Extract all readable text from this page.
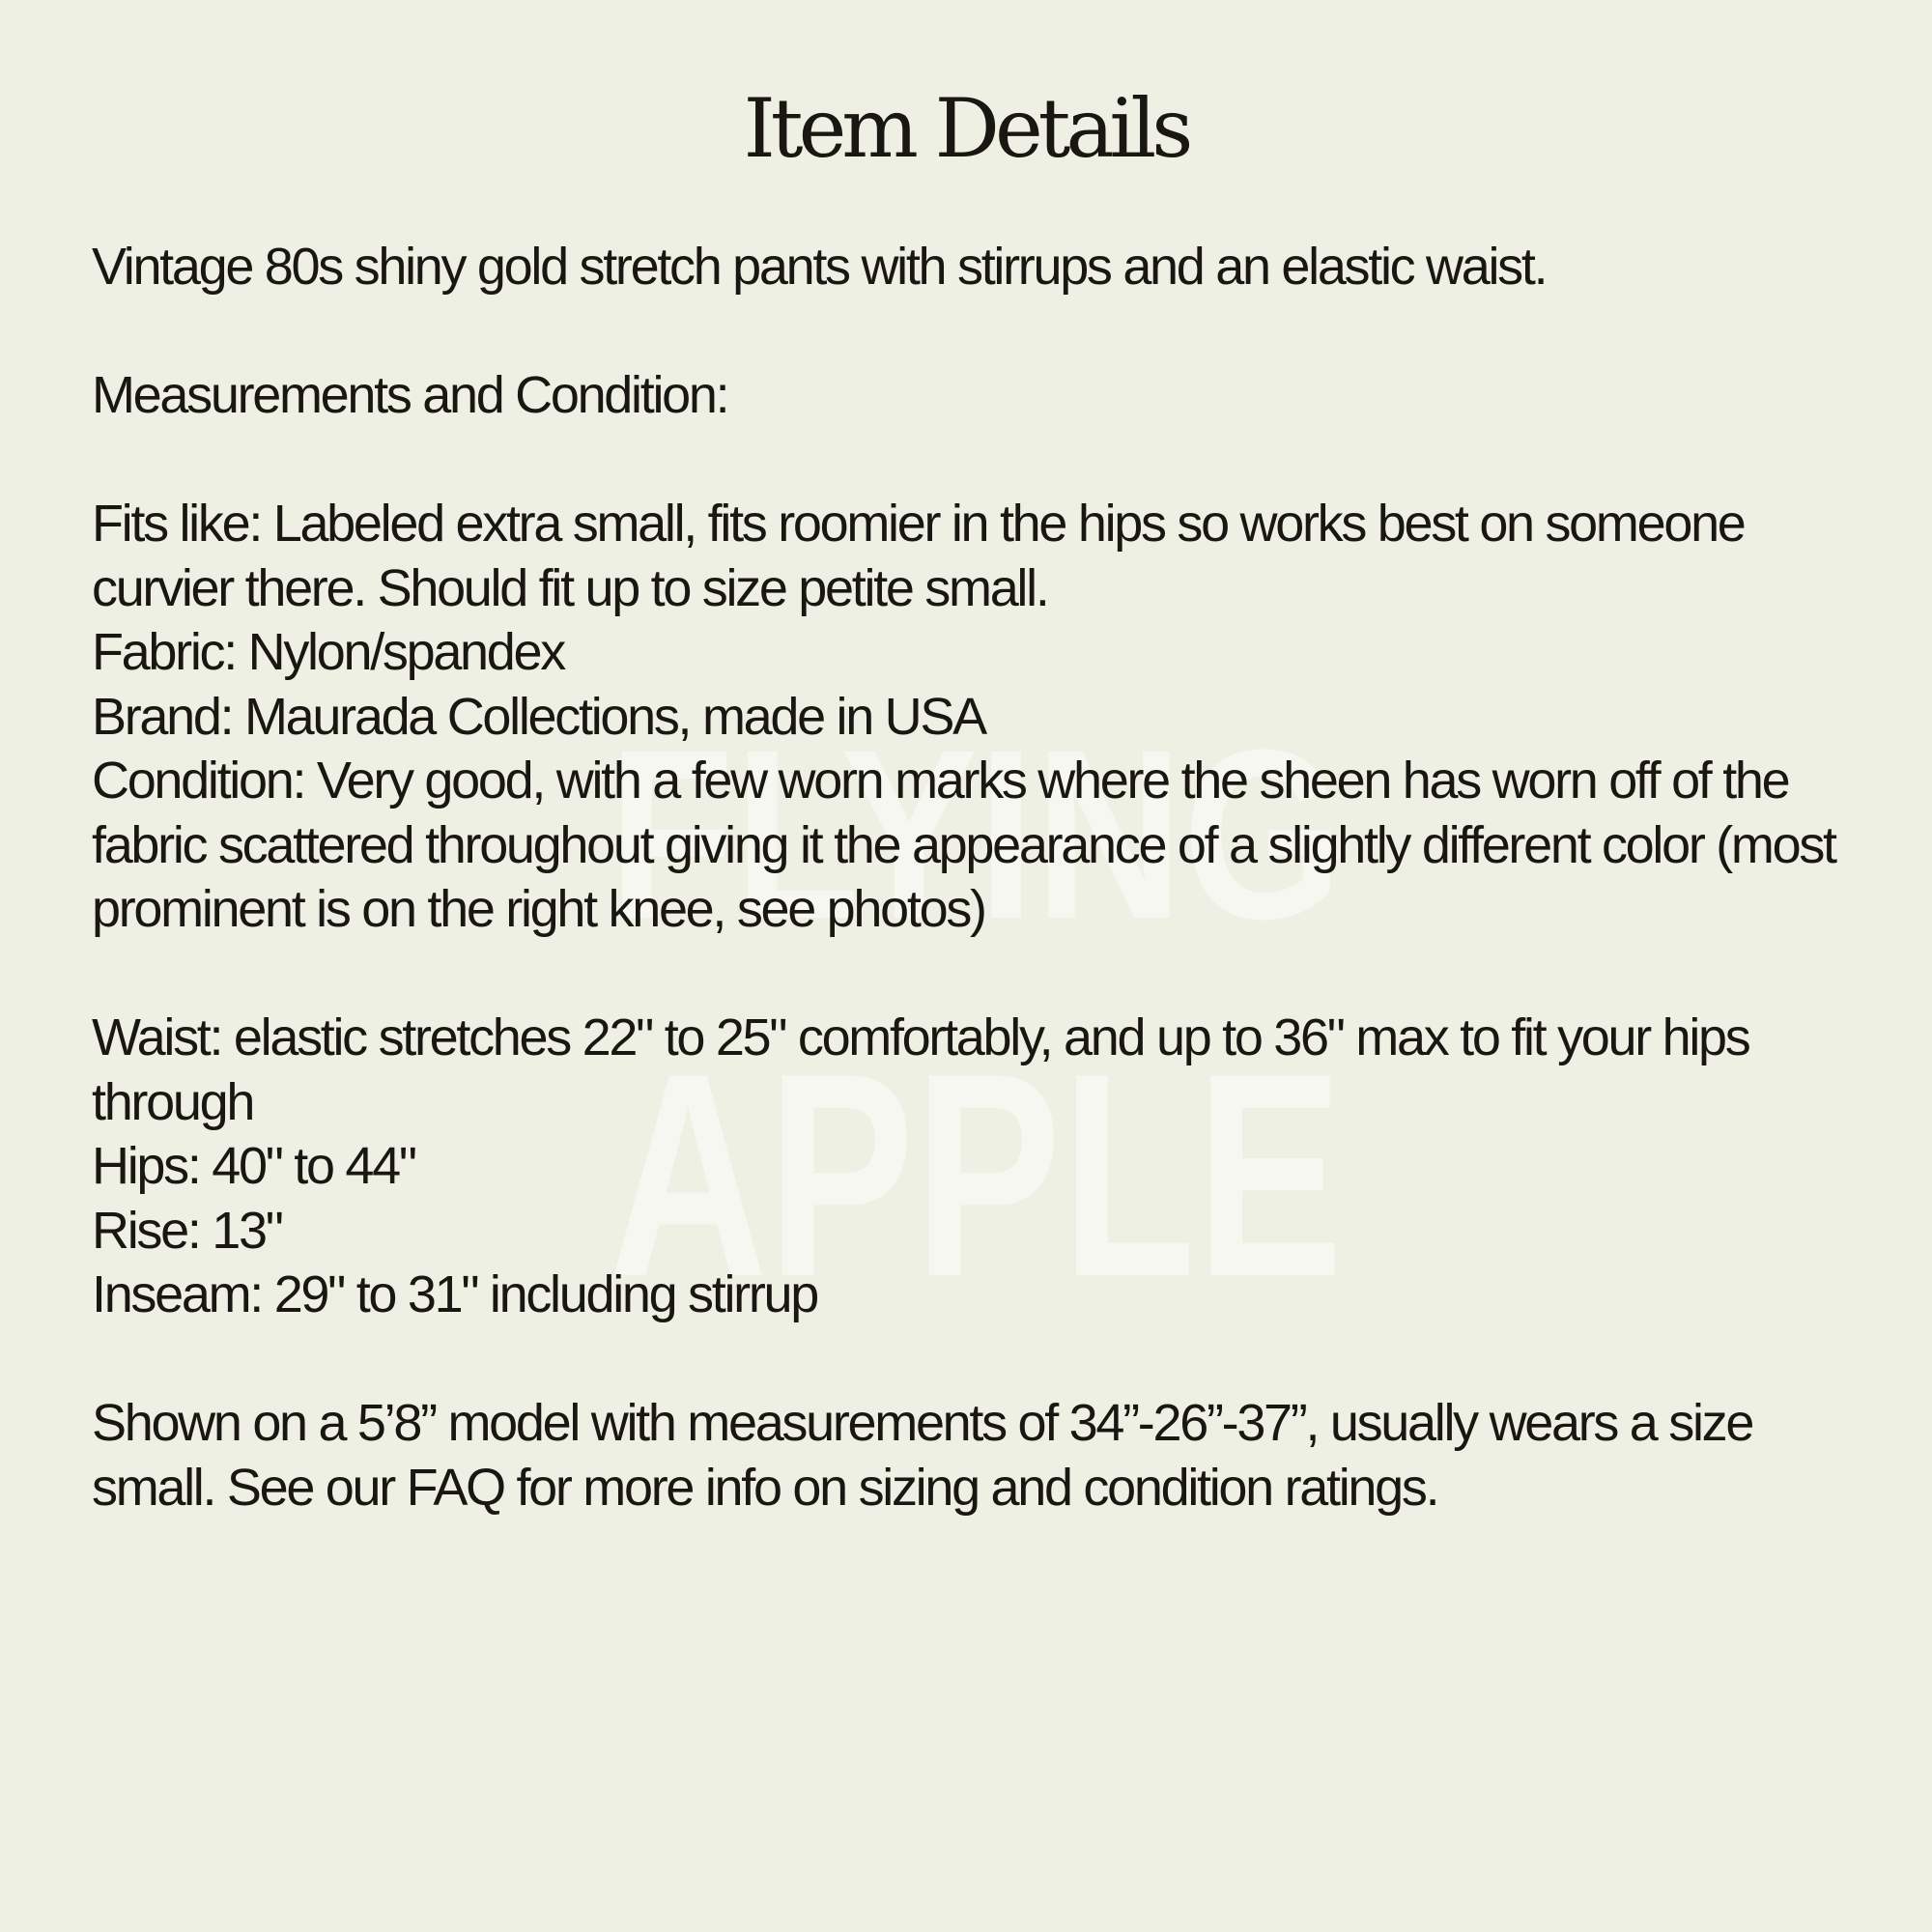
FLYING
APPLE
Item Details

Vintage 80s shiny gold stretch pants with stirrups and an elastic waist.

Measurements and Condition:

Fits like: Labeled extra small, fits roomier in the hips so works best on someone curvier there. Should fit up to size petite small.

Fabric: Nylon/spandex

Brand: Maurada Collections, made in USA

Condition: Very good, with a few worn marks where the sheen has worn off of the fabric scattered throughout giving it the appearance of a slightly different color (most prominent is on the right knee, see photos)

Waist: elastic stretches 22" to 25" comfortably, and up to 36" max to fit your hips through

Hips: 40" to 44"

Rise: 13"

Inseam: 29" to 31" including stirrup

Shown on a 5’8” model with measurements of 34”-26”-37”, usually wears a size small. See our FAQ for more info on sizing and condition ratings.
